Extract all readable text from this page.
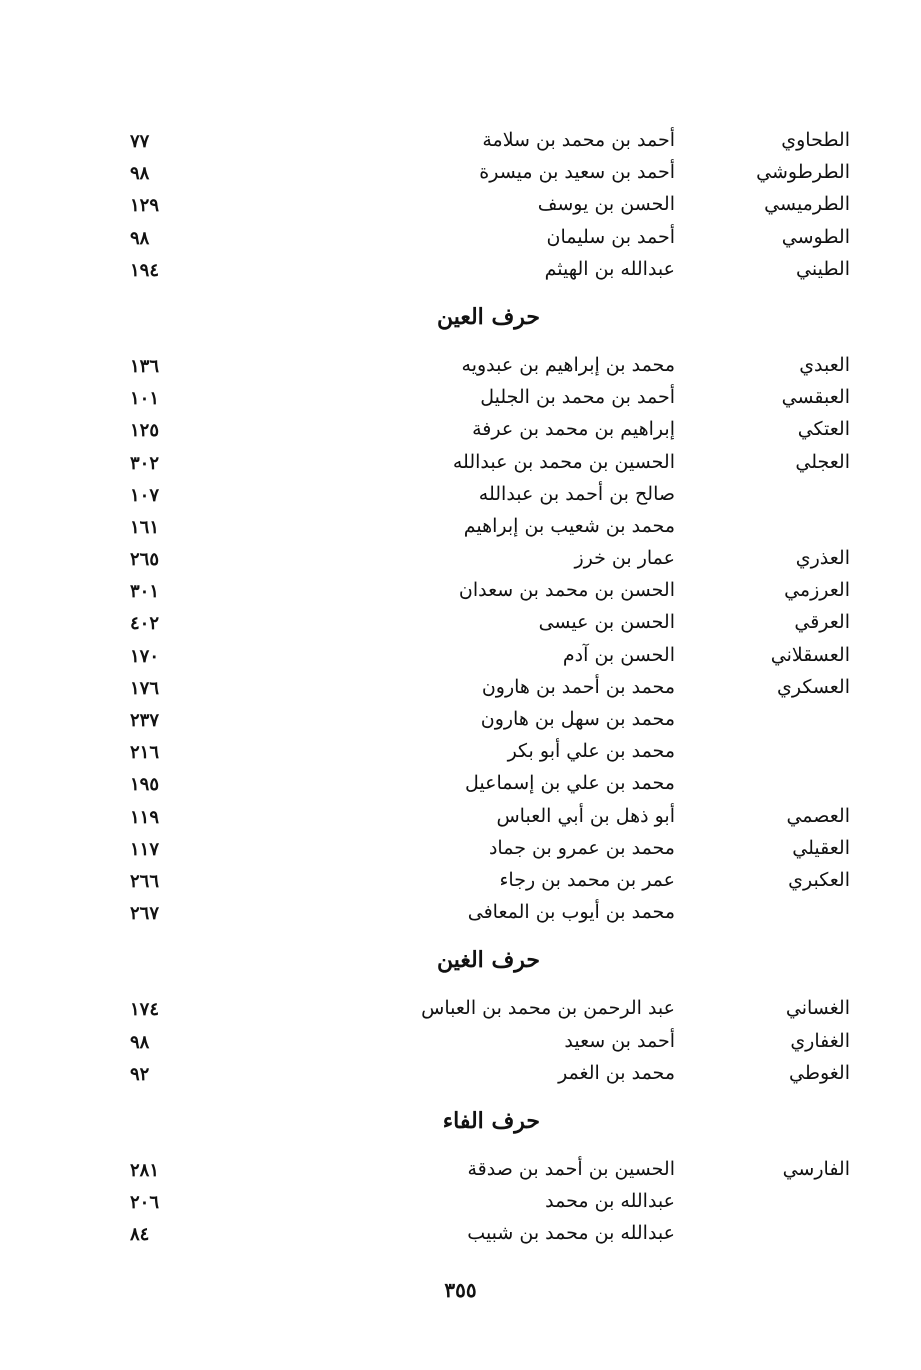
الطحاوي
أحمد بن محمد بن سلامة
٧٧
الطرطوشي
أحمد بن سعيد بن ميسرة
٩٨
الطرميسي
الحسن بن يوسف
١٢٩
الطوسي
أحمد بن سليمان
٩٨
الطيني
عبدالله بن الهيثم
١٩٤
حرف العين
العبدي
محمد بن إبراهيم بن عبدويه
١٣٦
العبقسي
أحمد بن محمد بن الجليل
١٠١
العتكي
إبراهيم بن محمد بن عرفة
١٢٥
العجلي
الحسين بن محمد بن عبدالله
٣٠٢
صالح بن أحمد بن عبدالله
١٠٧
محمد بن شعيب بن إبراهيم
١٦١
العذري
عمار بن خرز
٢٦٥
العرزمي
الحسن بن محمد بن سعدان
٣٠١
العرقي
الحسن بن عيسى
٤٠٢
العسقلاني
الحسن بن آدم
١٧٠
العسكري
محمد بن أحمد بن هارون
١٧٦
محمد بن سهل بن هارون
٢٣٧
محمد بن علي أبو بكر
٢١٦
محمد بن علي بن إسماعيل
١٩٥
العصمي
أبو ذهل بن أبي العباس
١١٩
العقيلي
محمد بن عمرو بن جماد
١١٧
العكبري
عمر بن محمد بن رجاء
٢٦٦
محمد بن أيوب بن المعافى
٢٦٧
حرف الغين
الغساني
عبد الرحمن بن محمد بن العباس
١٧٤
الغفاري
أحمد بن سعيد
٩٨
الغوطي
محمد بن الغمر
٩٢
حرف الفاء
الفارسي
الحسين بن أحمد بن صدقة
٢٨١
عبدالله بن محمد
٢٠٦
عبدالله بن محمد بن شبيب
٨٤
٣٥٥
